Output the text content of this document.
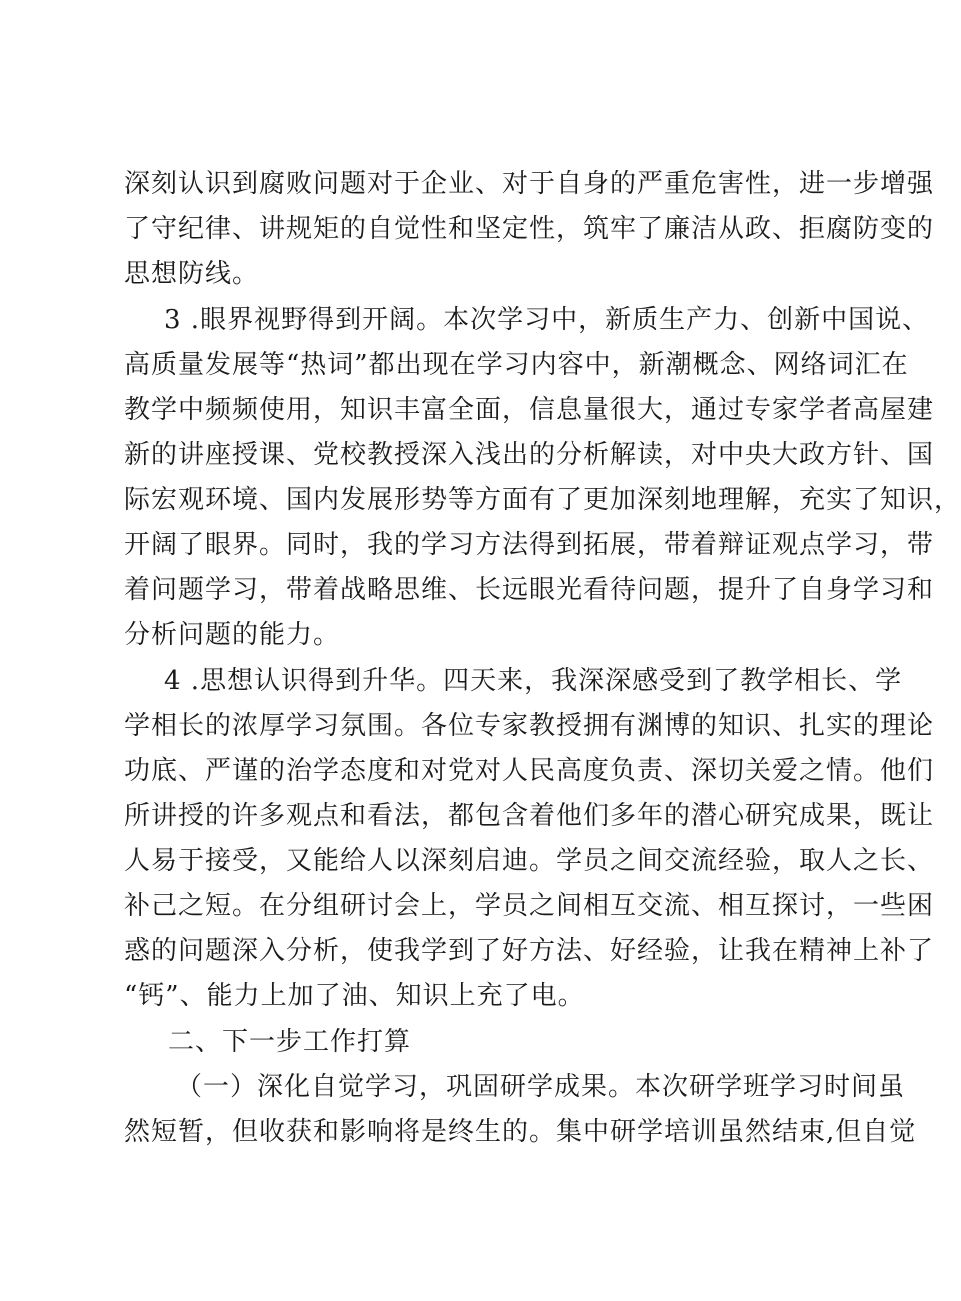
深刻认识到腐败问题对于企业、对于自身的严重危害性，进一步增强
了守纪律、讲规矩的自觉性和坚定性，筑牢了廉洁从政、拒腐防变的
思想防线。
3 .眼界视野得到开阔。本次学习中，新质生产力、创新中国说、
高质量发展等“热词”都出现在学习内容中，新潮概念、网络词汇在
教学中频频使用，知识丰富全面，信息量很大，通过专家学者高屋建
新的讲座授课、党校教授深入浅出的分析解读，对中央大政方针、国
际宏观环境、国内发展形势等方面有了更加深刻地理解，充实了知识，
开阔了眼界。同时，我的学习方法得到拓展，带着辩证观点学习，带
着问题学习，带着战略思维、长远眼光看待问题，提升了自身学习和
分析问题的能力。
4 .思想认识得到升华。四天来，我深深感受到了教学相长、学
学相长的浓厚学习氛围。各位专家教授拥有渊博的知识、扎实的理论
功底、严谨的治学态度和对党对人民高度负责、深切关爱之情。他们
所讲授的许多观点和看法，都包含着他们多年的潜心研究成果，既让
人易于接受，又能给人以深刻启迪。学员之间交流经验，取人之长、
补己之短。在分组研讨会上，学员之间相互交流、相互探讨，一些困
惑的问题深入分析，使我学到了好方法、好经验，让我在精神上补了
“钙”、能力上加了油、知识上充了电。
二、下一步工作打算
（一）深化自觉学习，巩固研学成果。本次研学班学习时间虽
然短暂，但收获和影响将是终生的。集中研学培训虽然结束,但自觉
